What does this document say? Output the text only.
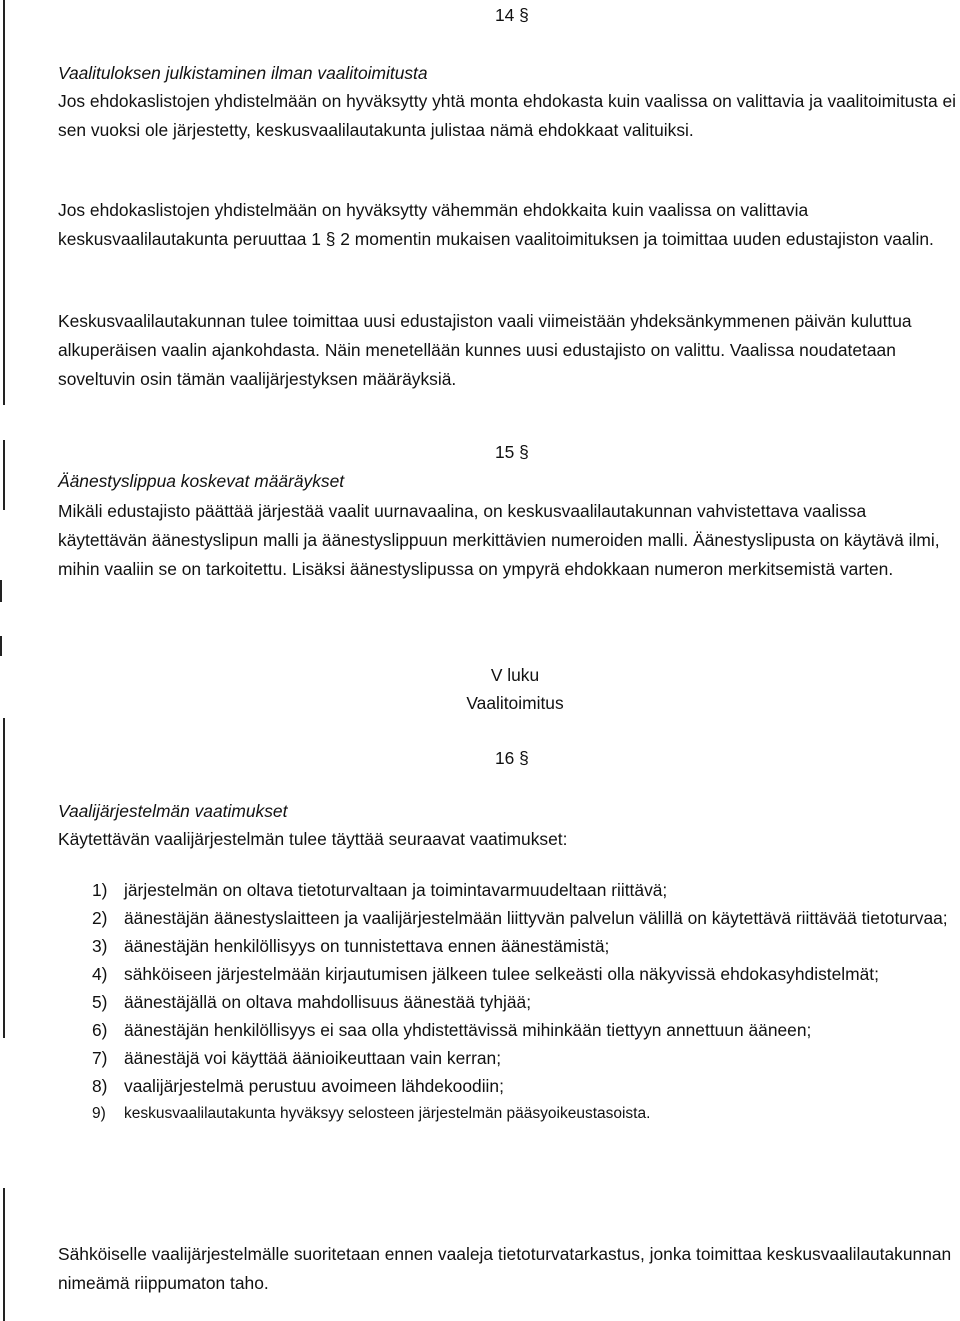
14 §
Vaalituloksen julkistaminen ilman vaalitoimitusta
Jos ehdokaslistojen yhdistelmään on hyväksytty yhtä monta ehdokasta kuin vaalissa on valittavia ja vaalitoimitusta ei sen vuoksi ole järjestetty, keskusvaalilautakunta julistaa nämä ehdokkaat valituiksi.
Jos ehdokaslistojen yhdistelmään on hyväksytty vähemmän ehdokkaita kuin vaalissa on valittavia keskusvaalilautakunta peruuttaa 1 § 2 momentin mukaisen vaalitoimituksen ja toimittaa uuden edustajiston vaalin.
Keskusvaalilautakunnan tulee toimittaa uusi edustajiston vaali viimeistään yhdeksänkymmenen päivän kuluttua alkuperäisen vaalin ajankohdasta. Näin menetellään kunnes uusi edustajisto on valittu. Vaalissa noudatetaan soveltuvin osin tämän vaalijärjestyksen määräyksiä.
15 §
Äänestyslippua koskevat määräykset
Mikäli edustajisto päättää järjestää vaalit uurnavaalina, on keskusvaalilautakunnan vahvistettava vaalissa käytettävän äänestyslipun malli ja äänestyslippuun merkittävien numeroiden malli. Äänestyslipusta on käytävä ilmi, mihin vaaliin se on tarkoitettu. Lisäksi äänestyslipussa on ympyrä ehdokkaan numeron merkitsemistä varten.
V luku
Vaalitoimitus
16 §
Vaalijärjestelmän vaatimukset
Käytettävän vaalijärjestelmän tulee täyttää seuraavat vaatimukset:
1) järjestelmän on oltava tietoturvaltaan ja toimintavarmuudeltaan riittävä;
2) äänestäjän äänestyslaitteen ja vaalijärjestelmään liittyvän palvelun välillä on käytettävä riittävää tietoturvaa;
3) äänestäjän henkilöllisyys on tunnistettava ennen äänestämistä;
4) sähköiseen järjestelmään kirjautumisen jälkeen tulee selkeästi olla näkyvissä ehdokasyhdistelmät;
5) äänestäjällä on oltava mahdollisuus äänestää tyhjää;
6) äänestäjän henkilöllisyys ei saa olla yhdistettävissä mihinkään tiettyyn annettuun ääneen;
7) äänestäjä voi käyttää äänioikeuttaan vain kerran;
8) vaalijärjestelmä perustuu avoimeen lähdekoodiin;
9) keskusvaalilautakunta hyväksyy selosteen järjestelmän pääsyoikeustasoista.
Sähköiselle vaalijärjestelmälle suoritetaan ennen vaaleja tietoturvatarkastus, jonka toimittaa keskusvaalilautakunnan nimeämä riippumaton taho.
